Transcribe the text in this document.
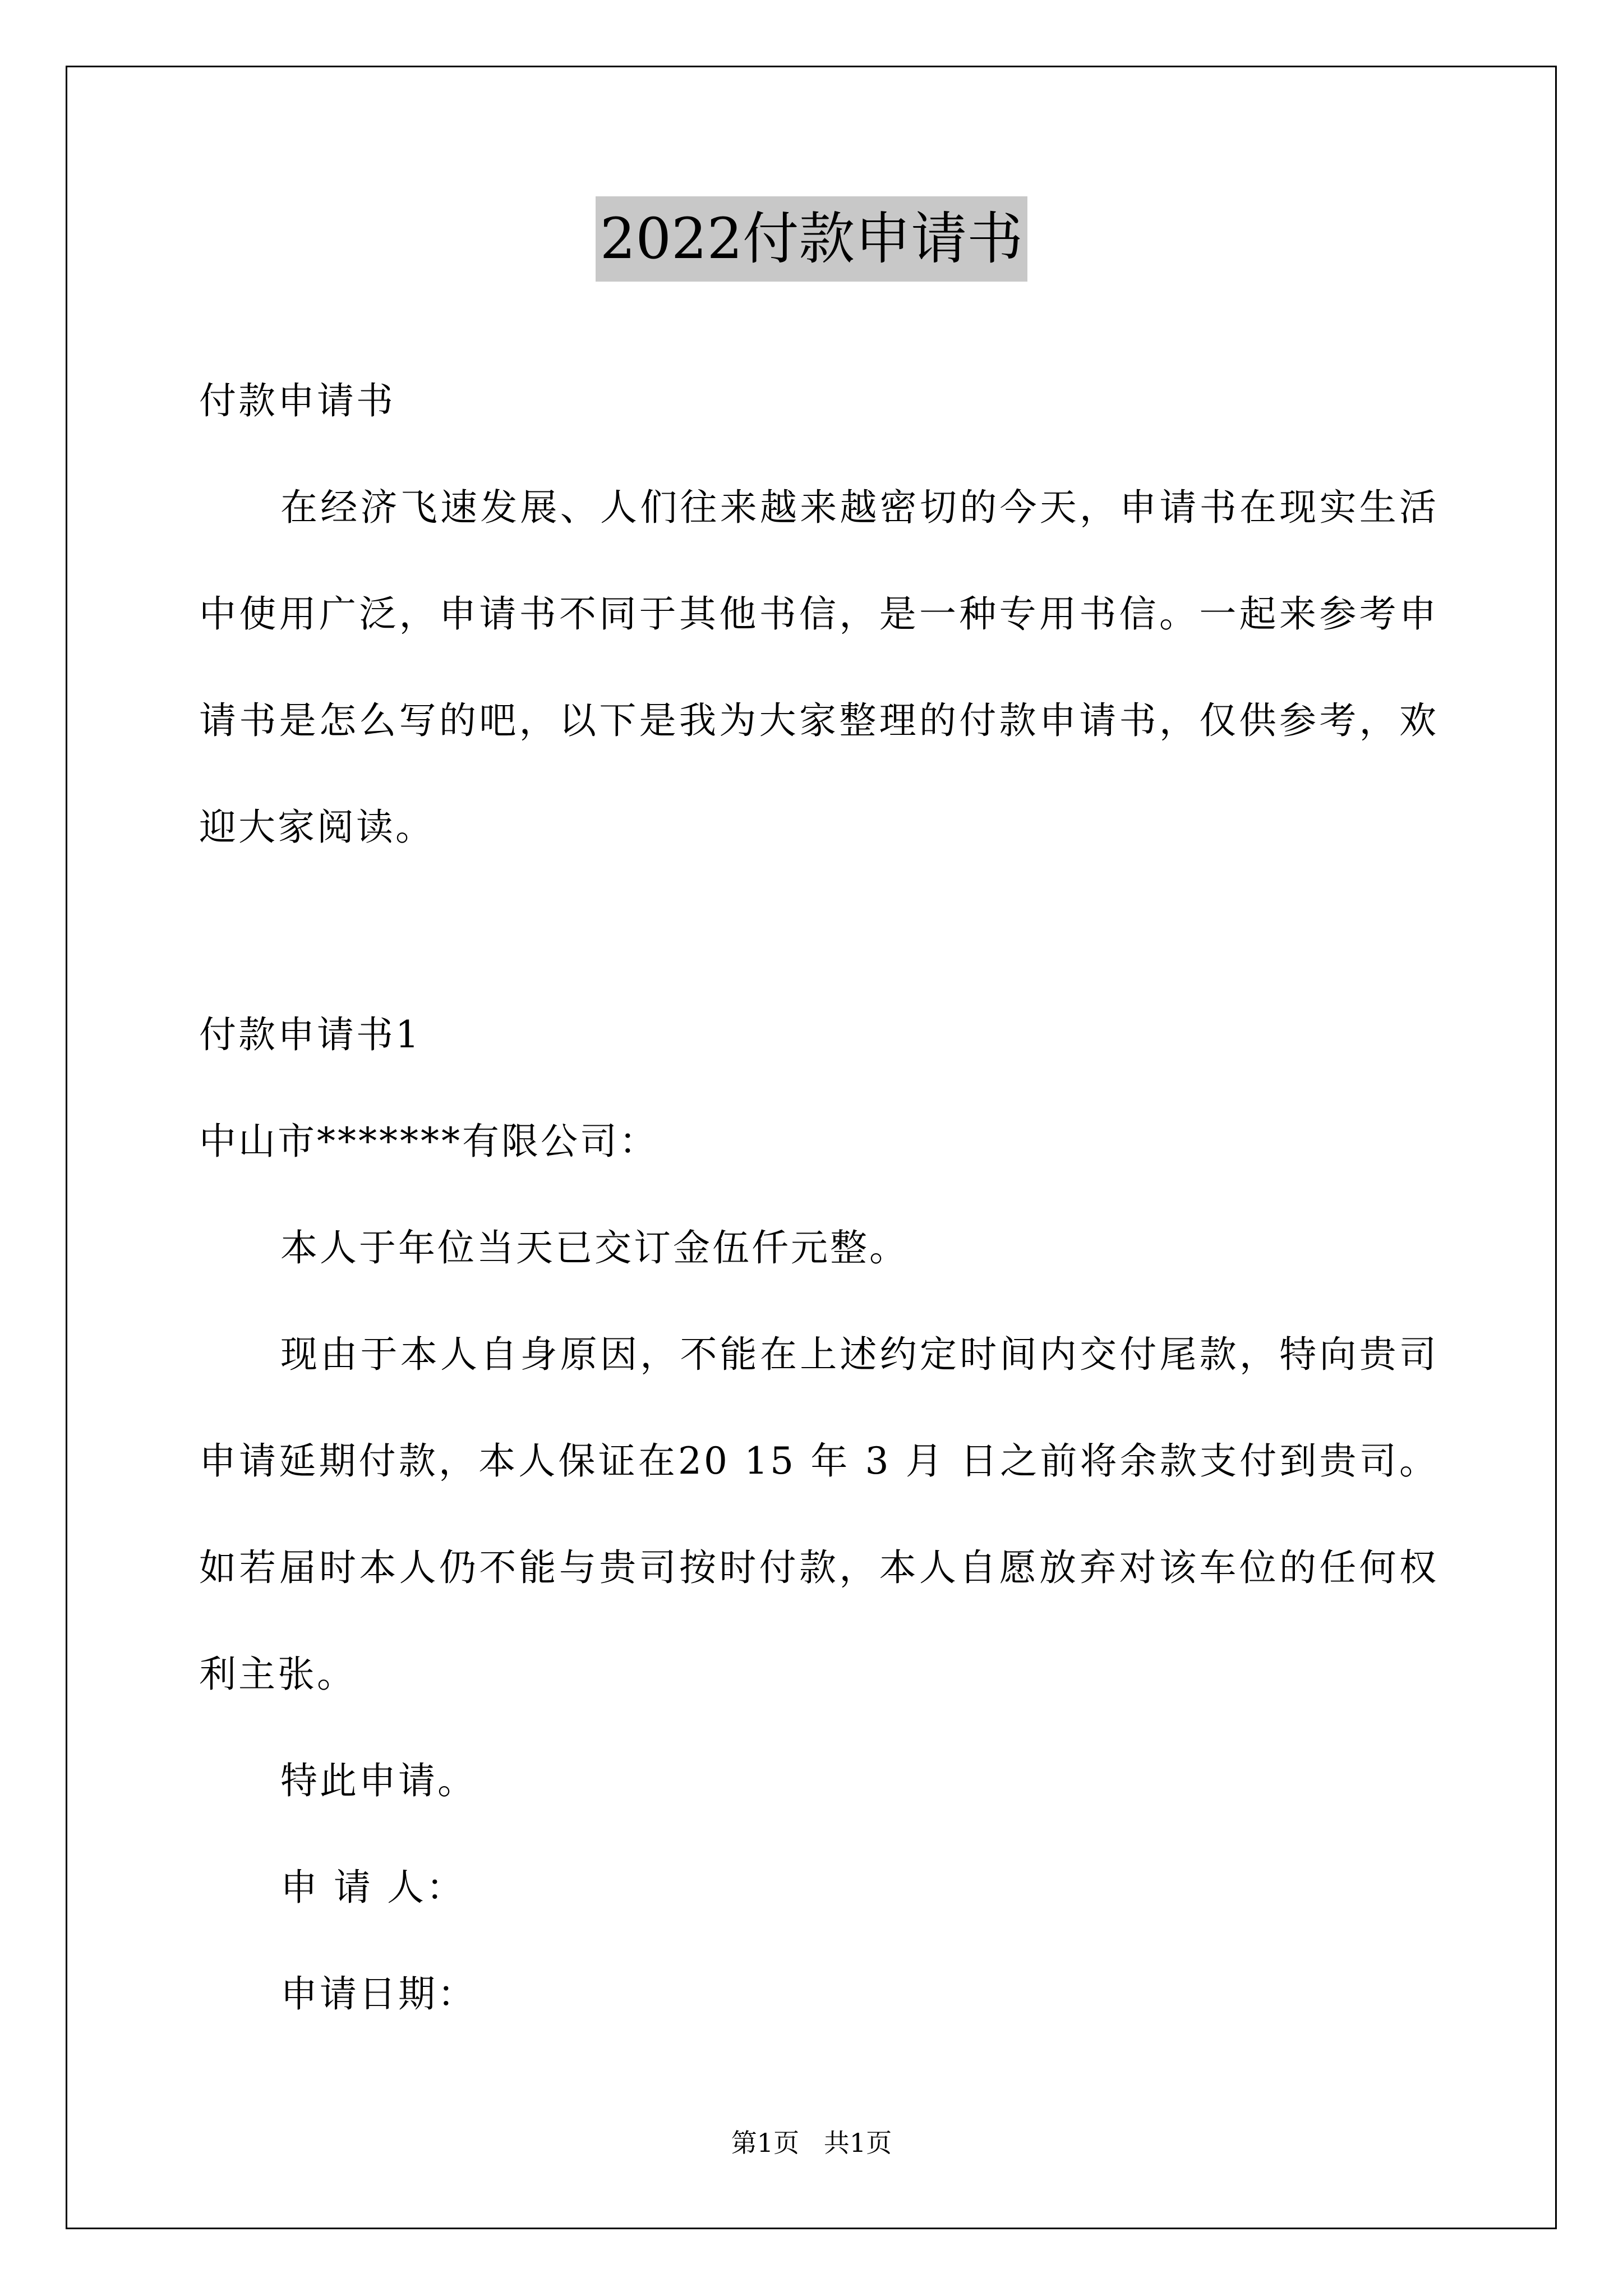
2022付款申请书
付款申请书
在经济飞速发展、人们往来越来越密切的今天，申请书在现实生活中使用广泛，申请书不同于其他书信，是一种专用书信。一起来参考申请书是怎么写的吧，以下是我为大家整理的付款申请书，仅供参考，欢迎大家阅读。
付款申请书1
中山市*******有限公司：
本人于年位当天已交订金伍仟元整。
现由于本人自身原因，不能在上述约定时间内交付尾款，特向贵司申请延期付款，本人保证在20 15 年 3 月 日之前将余款支付到贵司。如若届时本人仍不能与贵司按时付款，本人自愿放弃对该车位的任何权利主张。
特此申请。
申 请 人：
申请日期：
第1页   共1页
